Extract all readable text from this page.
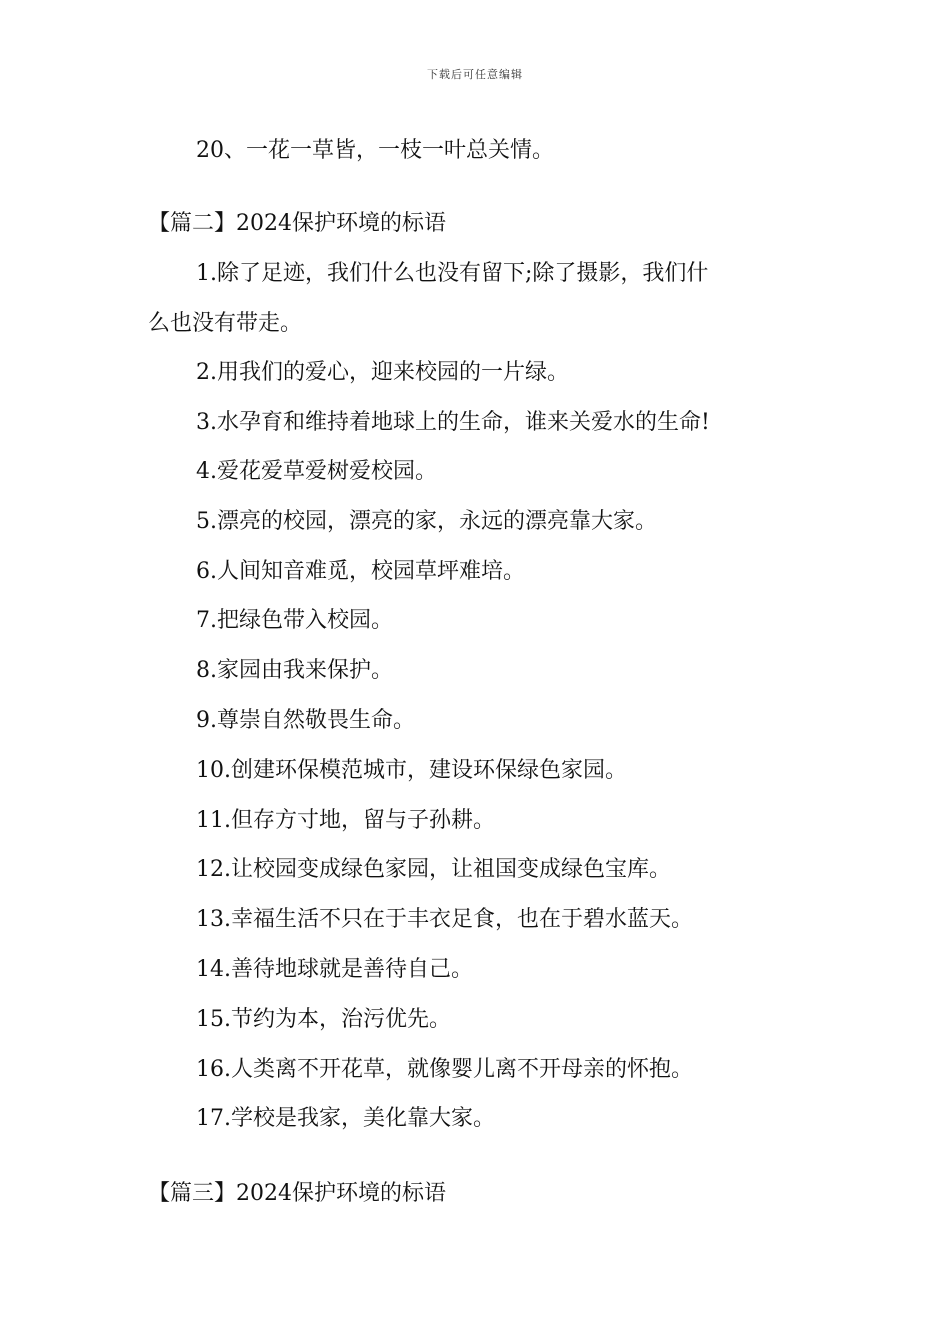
下载后可任意编辑
20、一花一草皆，一枝一叶总关情。
【篇二】2024保护环境的标语
1.除了足迹，我们什么也没有留下;除了摄影，我们什
么也没有带走。
2.用我们的爱心，迎来校园的一片绿。
3.水孕育和维持着地球上的生命，谁来关爱水的生命!
4.爱花爱草爱树爱校园。
5.漂亮的校园，漂亮的家，永远的漂亮靠大家。
6.人间知音难觅，校园草坪难培。
7.把绿色带入校园。
8.家园由我来保护。
9.尊崇自然敬畏生命。
10.创建环保模范城市，建设环保绿色家园。
11.但存方寸地，留与子孙耕。
12.让校园变成绿色家园，让祖国变成绿色宝库。
13.幸福生活不只在于丰衣足食，也在于碧水蓝天。
14.善待地球就是善待自己。
15.节约为本，治污优先。
16.人类离不开花草，就像婴儿离不开母亲的怀抱。
17.学校是我家，美化靠大家。
【篇三】2024保护环境的标语
